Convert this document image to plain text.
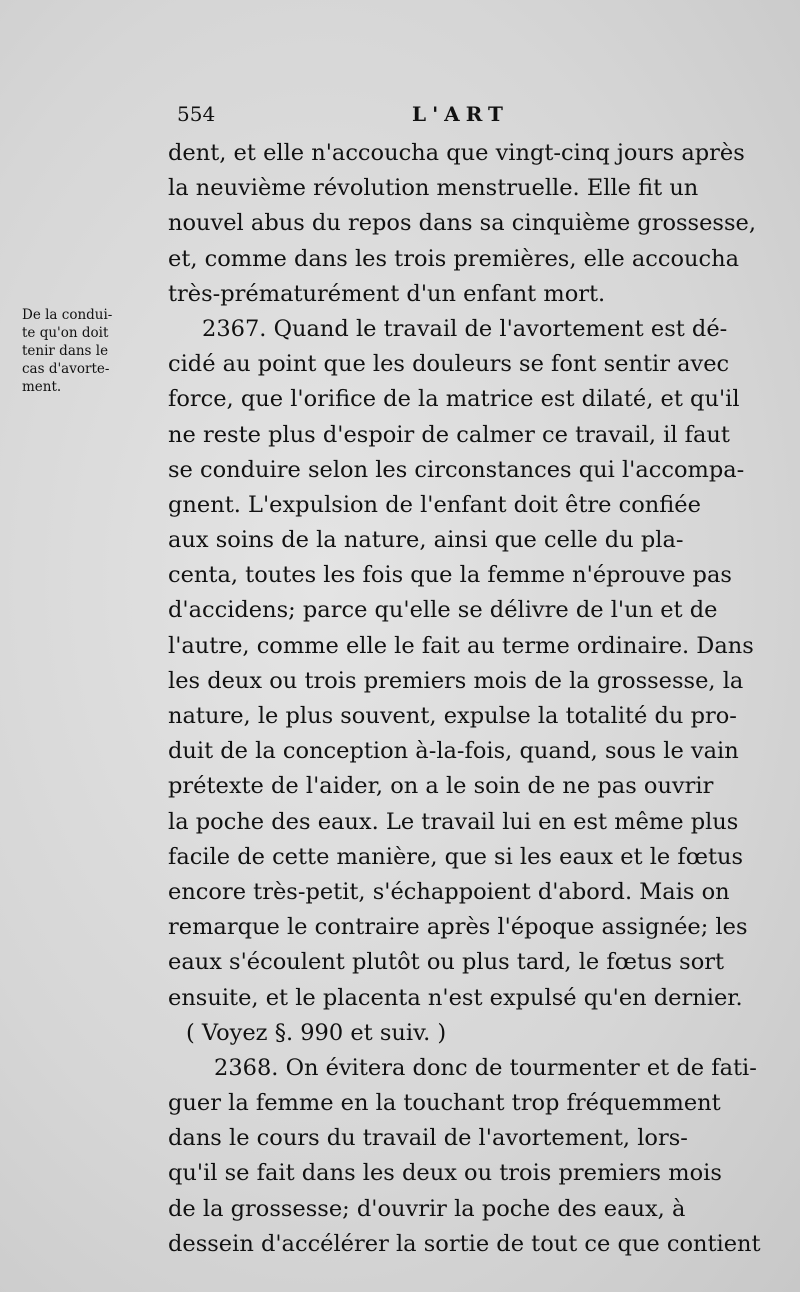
554	L'ART
De la condui-
te qu'on doit
tenir dans le
cas d'avorte-
ment.
dent, et elle n'accoucha que vingt-cinq jours après
la neuvième révolution menstruelle. Elle fit un
nouvel abus du repos dans sa cinquième grossesse,
et, comme dans les trois premières, elle accoucha
très-prématurément d'un enfant mort.
2367. Quand le travail de l'avortement est dé-
cidé au point que les douleurs se font sentir avec
force, que l'orifice de la matrice est dilaté, et qu'il
ne reste plus d'espoir de calmer ce travail, il faut
se conduire selon les circonstances qui l'accompa-
gnent. L'expulsion de l'enfant doit être confiée
aux soins de la nature, ainsi que celle du pla-
centa, toutes les fois que la femme n'éprouve pas
d'accidens; parce qu'elle se délivre de l'un et de
l'autre, comme elle le fait au terme ordinaire. Dans
les deux ou trois premiers mois de la grossesse, la
nature, le plus souvent, expulse la totalité du pro-
duit de la conception à-la-fois, quand, sous le vain
prétexte de l'aider, on a le soin de ne pas ouvrir
la poche des eaux. Le travail lui en est même plus
facile de cette manière, que si les eaux et le fœtus
encore très-petit, s'échappoient d'abord. Mais on
remarque le contraire après l'époque assignée; les
eaux s'écoulent plutôt ou plus tard, le fœtus sort
ensuite, et le placenta n'est expulsé qu'en dernier.
( Voyez §. 990 et suiv. )
2368. On évitera donc de tourmenter et de fati-
guer la femme en la touchant trop fréquemment
dans le cours du travail de l'avortement, lors-
qu'il se fait dans les deux ou trois premiers mois
de la grossesse; d'ouvrir la poche des eaux, à
dessein d'accélérer la sortie de tout ce que contient
